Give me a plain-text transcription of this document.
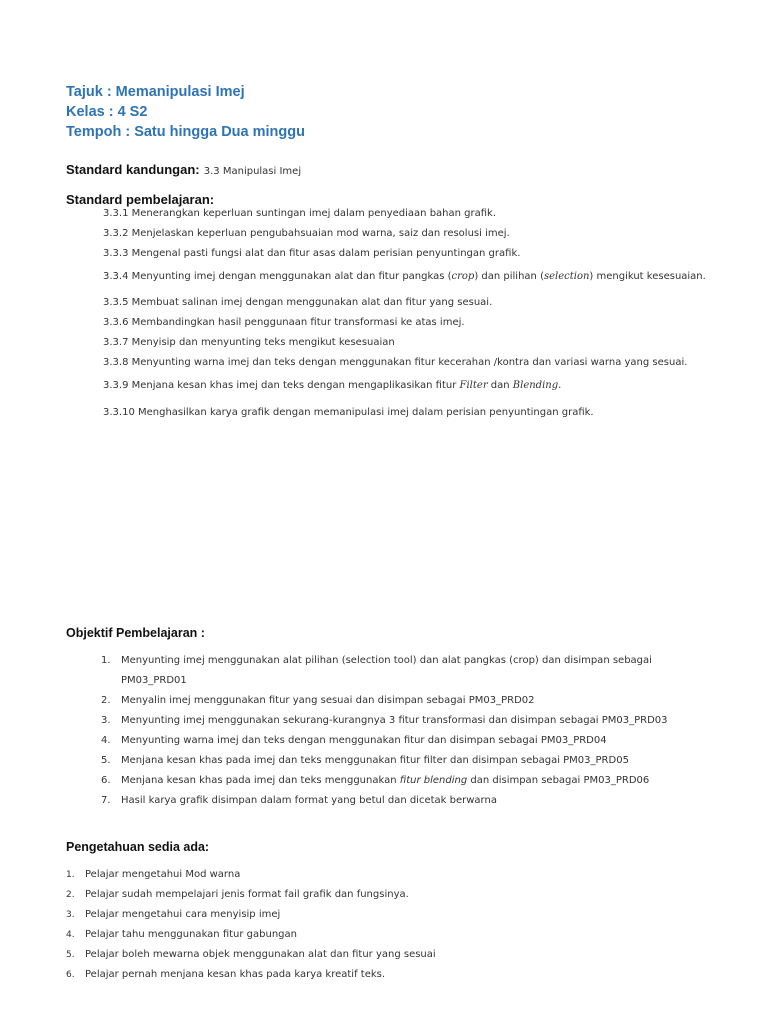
Tajuk : Memanipulasi Imej

Kelas : 4 S2

Tempoh : Satu hingga Dua minggu

Standard kandungan: 3.3 Manipulasi Imej
Standard pembelajaran:
3.3.1 Menerangkan keperluan suntingan imej dalam penyediaan bahan grafik.
3.3.2 Menjelaskan keperluan pengubahsuaian mod warna, saiz dan resolusi imej.
3.3.3 Mengenal pasti fungsi alat dan fitur asas dalam perisian penyuntingan grafik.
3.3.4 Menyunting imej dengan menggunakan alat dan fitur pangkas (crop) dan pilihan (selection) mengikut kesesuaian.
3.3.5 Membuat salinan imej dengan menggunakan alat dan fitur yang sesuai.
3.3.6 Membandingkan hasil penggunaan fitur transformasi ke atas imej.
3.3.7 Menyisip dan menyunting teks mengikut kesesuaian
3.3.8 Menyunting warna imej dan teks dengan menggunakan fitur kecerahan /kontra dan variasi warna yang sesuai.
3.3.9 Menjana kesan khas imej dan teks dengan mengaplikasikan fitur Filter dan Blending.
3.3.10 Menghasilkan karya grafik dengan memanipulasi imej dalam perisian penyuntingan grafik.
Objektif Pembelajaran :
1. Menyunting imej menggunakan alat pilihan (selection tool) dan alat pangkas (crop) dan disimpan sebagai
PM03_PRD01
2. Menyalin imej menggunakan fitur yang sesuai dan disimpan sebagai PM03_PRD02
3. Menyunting imej menggunakan sekurang-kurangnya 3 fitur transformasi dan disimpan sebagai PM03_PRD03
4. Menyunting warna imej dan teks dengan menggunakan fitur dan disimpan sebagai PM03_PRD04
5. Menjana kesan khas pada imej dan teks menggunakan fitur filter dan disimpan sebagai PM03_PRD05
6. Menjana kesan khas pada imej dan teks menggunakan fitur blending dan disimpan sebagai PM03_PRD06
7. Hasil karya grafik disimpan dalam format yang betul dan dicetak berwarna
Pengetahuan sedia ada:
1. Pelajar mengetahui Mod warna
2. Pelajar sudah mempelajari jenis format fail grafik dan fungsinya.
3. Pelajar mengetahui cara menyisip imej
4. Pelajar tahu menggunakan fitur gabungan
5. Pelajar boleh mewarna objek menggunakan alat dan fitur yang sesuai
6. Pelajar pernah menjana kesan khas pada karya kreatif teks.
